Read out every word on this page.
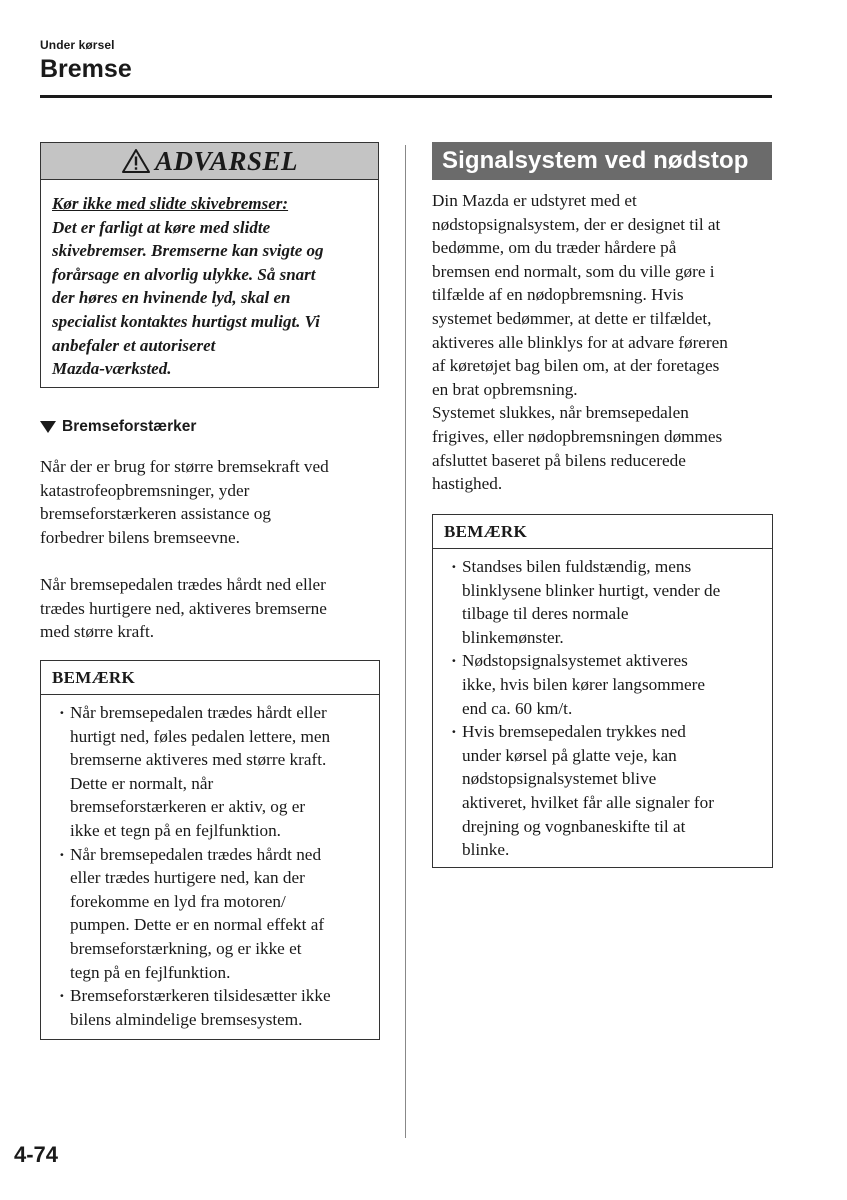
Under kørsel
Bremse
ADVARSEL
Kør ikke med slidte skivebremser:
Det er farligt at køre med slidte
skivebremser. Bremserne kan svigte og
forårsage en alvorlig ulykke. Så snart
der høres en hvinende lyd, skal en
specialist kontaktes hurtigst muligt. Vi
anbefaler et autoriseret
Mazda-værksted.
Bremseforstærker

Når der er brug for større bremsekraft ved
katastrofeopbremsninger, yder
bremseforstærkeren assistance og
forbedrer bilens bremseevne.

Når bremsepedalen trædes hårdt ned eller
trædes hurtigere ned, aktiveres bremserne
med større kraft.

BEMÆRK
· Når bremsepedalen trædes hårdt eller
hurtigt ned, føles pedalen lettere, men
bremserne aktiveres med større kraft.
Dette er normalt, når
bremseforstærkeren er aktiv, og er
ikke et tegn på en fejlfunktion.
· Når bremsepedalen trædes hårdt ned
eller trædes hurtigere ned, kan der
forekomme en lyd fra motoren/
pumpen. Dette er en normal effekt af
bremseforstærkning, og er ikke et
tegn på en fejlfunktion.
· Bremseforstærkeren tilsidesætter ikke
bilens almindelige bremsesystem.
Signalsystem ved nødstop

Din Mazda er udstyret med et
nødstopsignalsystem, der er designet til at
bedømme, om du træder hårdere på
bremsen end normalt, som du ville gøre i
tilfælde af en nødopbremsning. Hvis
systemet bedømmer, at dette er tilfældet,
aktiveres alle blinklys for at advare føreren
af køretøjet bag bilen om, at der foretages
en brat opbremsning.
Systemet slukkes, når bremsepedalen
frigives, eller nødopbremsningen dømmes
afsluttet baseret på bilens reducerede
hastighed.

BEMÆRK
· Standses bilen fuldstændig, mens
blinklysene blinker hurtigt, vender de
tilbage til deres normale
blinkemønster.
· Nødstopsignalsystemet aktiveres
ikke, hvis bilen kører langsommere
end ca. 60 km/t.
· Hvis bremsepedalen trykkes ned
under kørsel på glatte veje, kan
nødstopsignalsystemet blive
aktiveret, hvilket får alle signaler for
drejning og vognbaneskifte til at
blinke.
4-74
